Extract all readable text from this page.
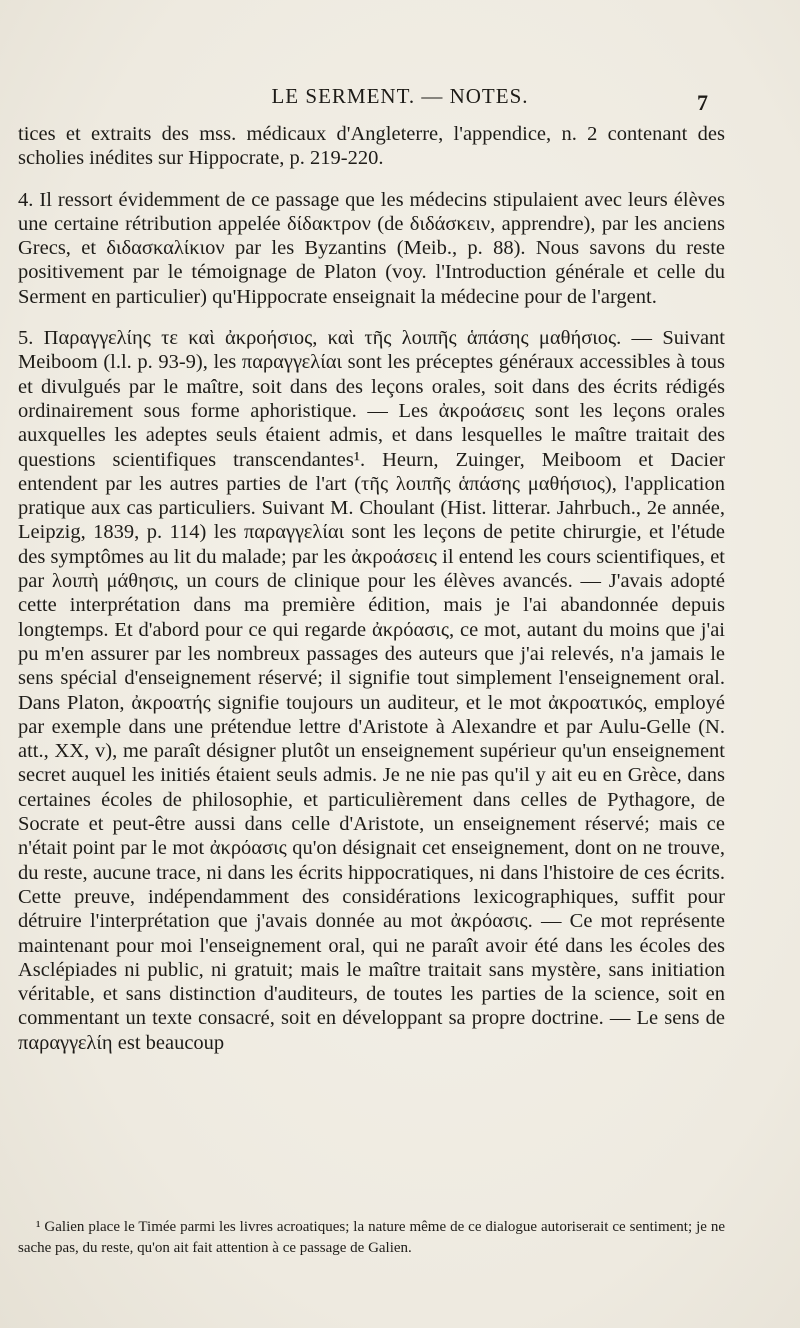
LE SERMENT. — NOTES.	7

tices et extraits des mss. médicaux d'Angleterre, l'appendice, n. 2 contenant des scholies inédites sur Hippocrate, p. 219-220.

4. Il ressort évidemment de ce passage que les médecins stipulaient avec leurs élèves une certaine rétribution appelée δίδακτρον (de διδάσκειν, apprendre), par les anciens Grecs, et διδασκαλίκιον par les Byzantins (Meib., p. 88). Nous savons du reste positivement par le témoignage de Platon (voy. l'Introduction générale et celle du Serment en particulier) qu'Hippocrate enseignait la médecine pour de l'argent.

5. Παραγγελίης τε καὶ ἀκροήσιος, καὶ τῆς λοιπῆς ἁπάσης μαθήσιος. — Suivant Meiboom (l.l. p. 93-9), les παραγγελίαι sont les préceptes généraux accessibles à tous et divulgués par le maître, soit dans des leçons orales, soit dans des écrits rédigés ordinairement sous forme aphoristique. — Les ἀκροάσεις sont les leçons orales auxquelles les adeptes seuls étaient admis, et dans lesquelles le maître traitait des questions scientifiques transcendantes¹. Heurn, Zuinger, Meiboom et Dacier entendent par les autres parties de l'art (τῆς λοιπῆς ἁπάσης μαθήσιος), l'application pratique aux cas particuliers. Suivant M. Choulant (Hist. litterar. Jahrbuch., 2e année, Leipzig, 1839, p. 114) les παραγγελίαι sont les leçons de petite chirurgie, et l'étude des symptômes au lit du malade; par les ἀκροάσεις il entend les cours scientifiques, et par λοιπὴ μάθησις, un cours de clinique pour les élèves avancés. — J'avais adopté cette interprétation dans ma première édition, mais je l'ai abandonnée depuis longtemps. Et d'abord pour ce qui regarde ἀκρόασις, ce mot, autant du moins que j'ai pu m'en assurer par les nombreux passages des auteurs que j'ai relevés, n'a jamais le sens spécial d'enseignement réservé; il signifie tout simplement l'enseignement oral. Dans Platon, ἀκροατής signifie toujours un auditeur, et le mot ἀκροατικός, employé par exemple dans une prétendue lettre d'Aristote à Alexandre et par Aulu-Gelle (N. att., XX, v), me paraît désigner plutôt un enseignement supérieur qu'un enseignement secret auquel les initiés étaient seuls admis. Je ne nie pas qu'il y ait eu en Grèce, dans certaines écoles de philosophie, et particulièrement dans celles de Pythagore, de Socrate et peut-être aussi dans celle d'Aristote, un enseignement réservé; mais ce n'était point par le mot ἀκρόασις qu'on désignait cet enseignement, dont on ne trouve, du reste, aucune trace, ni dans les écrits hippocratiques, ni dans l'histoire de ces écrits. Cette preuve, indépendamment des considérations lexicographiques, suffit pour détruire l'interprétation que j'avais donnée au mot ἀκρόασις. — Ce mot représente maintenant pour moi l'enseignement oral, qui ne paraît avoir été dans les écoles des Asclépiades ni public, ni gratuit; mais le maître traitait sans mystère, sans initiation véritable, et sans distinction d'auditeurs, de toutes les parties de la science, soit en commentant un texte consacré, soit en développant sa propre doctrine. — Le sens de παραγγελίη est beaucoup

¹ Galien place le Timée parmi les livres acroatiques; la nature même de ce dialogue autoriserait ce sentiment; je ne sache pas, du reste, qu'on ait fait attention à ce passage de Galien.
